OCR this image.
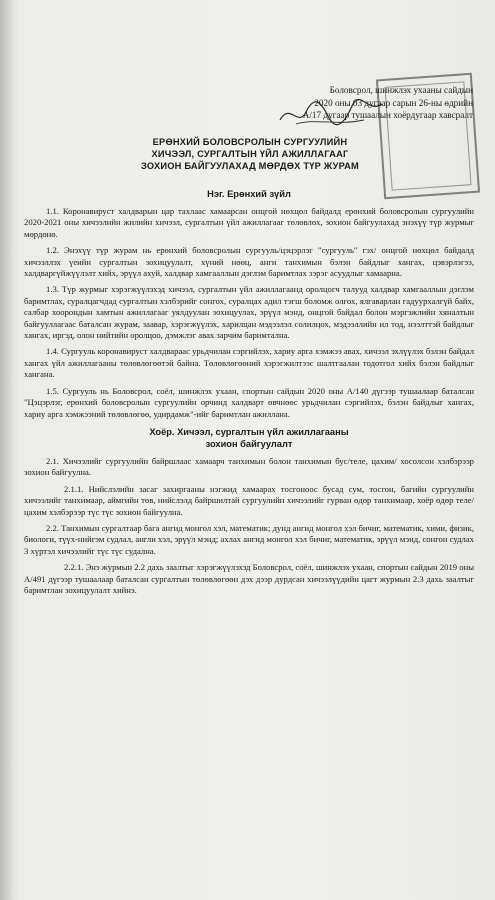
Боловсрол, шинжлэх ухааны сайдын
2020 оны 03 дугаар сарын 26-ны өдрийн
А/17 дугаар тушаалын хоёрдугаар хавсралт
ЕРӨНХИЙ БОЛОВСРОЛЫН СУРГУУЛИЙН
ХИЧЭЭЛ, СУРГАЛТЫН ҮЙЛ АЖИЛЛАГААГ
ЗОХИОН БАЙГУУЛАХАД МӨРДӨХ ТҮР ЖУРАМ
Нэг. Ерөнхий зүйл

1.1. Коронавируст халдварын цар тахлаас хамаарсан онцгой нөхцөл байдалд ерөнхий боловсролын сургуулийн 2020-2021 оны хичээлийн жилийн хичээл, сургалтын үйл ажиллагааг төлөвлөх, зохион байгуулахад энэхүү түр журмыг мөрдөнө.

1.2. Энэхүү түр журам нь ерөнхий боловсролын сургууль/цэцэрлэг "сургууль" гэх/ онцгой нөхцөл байдалд хичээллэх үеийн сургалтын зохицуулалт, хүний нөөц, анги танхимын бэлэн байдлыг хангах, цэвэрлэгээ, халдваргүйжүүлэлт хийх, эрүүл ахуй, халдвар хамгааллын дэглэм баримтлах зэрэг асуудлыг хамаарна.

1.3. Түр журмыг хэрэгжүүлэхэд хичээл, сургалтын үйл ажиллагаанд оролцогч талууд халдвар хамгааллын дэглэм баримтлах, суралцагчдад сургалтын хэлбэрийг сонгох, суралцах адил тэгш боломж олгох, ялгаварлан гадуурхалгүй байх, салбар хоорондын хамтын ажиллагааг уялдуулан зохицуулах, эрүүл мэнд, онцгой байдал болон мэргэжлийн хяналтын байгууллагаас баталсан журам, заавар, хэрэгжүүлэх, харилцан мэдээлэл солилцох, мэдээллийн ил тод, нээлттэй байдлыг хангах, иргэд, олон нийтийн оролцоо, дэмжлэг авах зарчим баримтална.

1.4. Сургууль коронавируст халдвараас урьдчилан сэргийлэх, хариу арга хэмжээ авах, хичээл эхлүүлэх бэлэн байдал хангах үйл ажиллагааны төлөвлөгөөтэй байна. Төлөвлөгөөний хэрэгжилтээс шалтгаалан тодотгол хийх бэлэн байдлыг хангана.

1.5. Сургууль нь Боловсрол, соёл, шинжлэх ухаан, спортын сайдын 2020 оны А/140 дүгээр тушаалаар баталсан "Цэцэрлэг, ерөнхий боловсролын сургуулийн орчинд халдварт өвчнөөс урьдчилан сэргийлэх, бэлэн байдлыг хангах, хариу арга хэмжээний төлөвлөгөө, удирдамж"-ийг баримтлан ажиллана.

Хоёр. Хичээл, сургалтын үйл ажиллагааны
зохион байгуулалт

2.1. Хичээлийг сургуулийн байршлаас хамаарч танхимын болон танхимын бус/теле, цахим/ хосолсон хэлбэрээр зохион байгуулна.

2.1.1. Нийслэлийн засаг захиргааны нэгжид хамаарах тосгоноос бусад сум, тосгон, багийн сургуулийн хичээлийг танхимаар, аймгийн төв, нийслэлд байршилтай сургуулийн хичээлийг гурван өдөр танхимаар, хоёр өдөр теле/цахим хэлбэрээр түс түс зохион байгуулна.

2.2. Танхимын сургалтаар бага ангид монгол хэл, математик; дунд ангид монгол хэл бичиг, математик, хими, физик, биологи, түүх-нийгэм судлал, англи хэл, эрүүл мэнд; ахлах ангид монгол хэл бичиг, математик, эрүүл мэнд, сонгон судлах 3 хүртэл хичээлийг түс түс судална.

2.2.1. Энэ журмын 2.2 дахь заалтыг хэрэгжүүлэхэд Боловсрол, соёл, шинжлэх ухаан, спортын сайдын 2019 оны А/491 дүгээр тушаалаар баталсан сургалтын төлөвлөгөөн дэх дээр дурдсан хичээлүүдийн цагт журмын 2.3 дахь заалтыг баримтлан зохицуулалт хийнэ.
